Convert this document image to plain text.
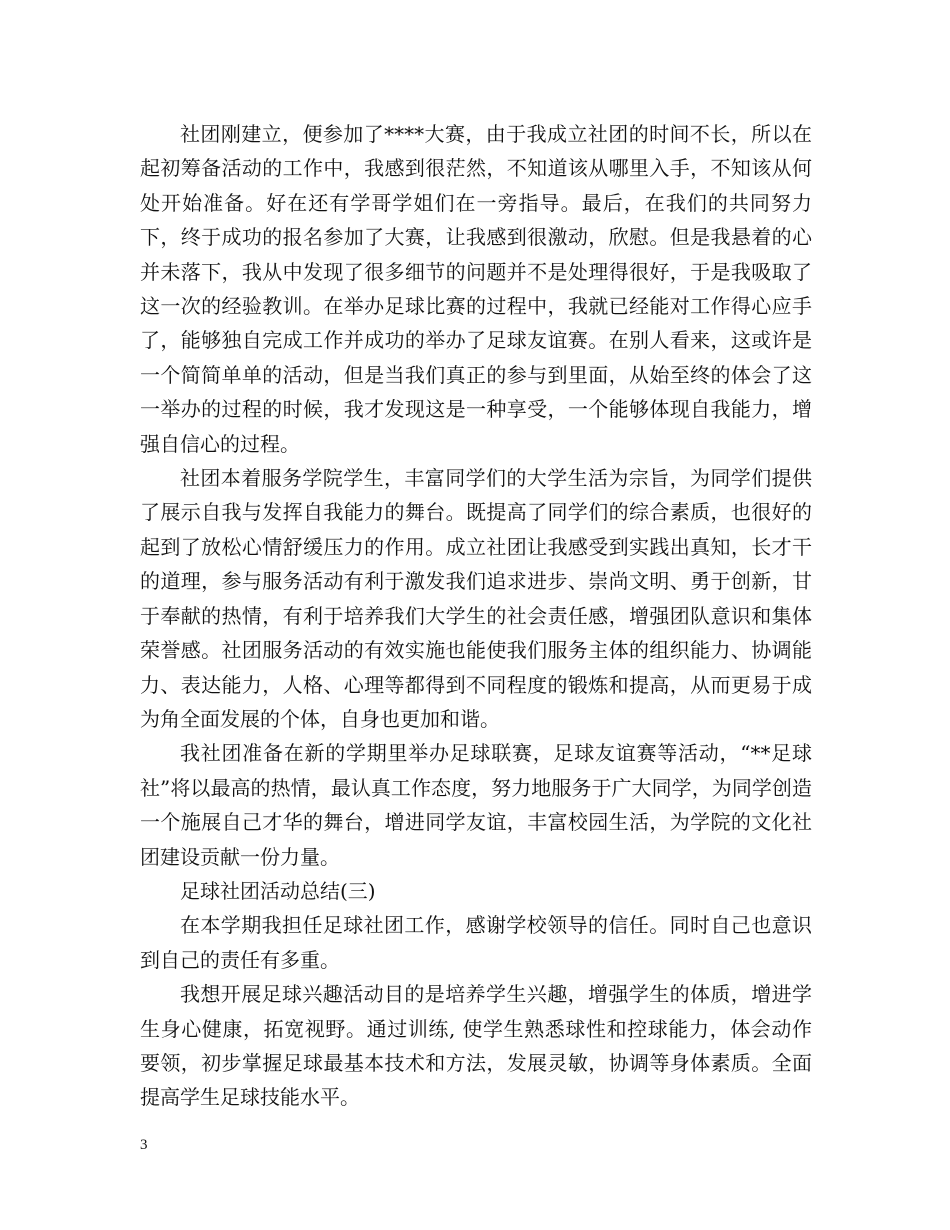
社团刚建立，便参加了****大赛，由于我成立社团的时间不长，所以在起初筹备活动的工作中，我感到很茫然，不知道该从哪里入手，不知该从何处开始准备。好在还有学哥学姐们在一旁指导。最后，在我们的共同努力下，终于成功的报名参加了大赛，让我感到很激动，欣慰。但是我悬着的心并未落下，我从中发现了很多细节的问题并不是处理得很好，于是我吸取了这一次的经验教训。在举办足球比赛的过程中，我就已经能对工作得心应手了，能够独自完成工作并成功的举办了足球友谊赛。在别人看来，这或许是一个简简单单的活动，但是当我们真正的参与到里面，从始至终的体会了这一举办的过程的时候，我才发现这是一种享受，一个能够体现自我能力，增强自信心的过程。

社团本着服务学院学生，丰富同学们的大学生活为宗旨，为同学们提供了展示自我与发挥自我能力的舞台。既提高了同学们的综合素质，也很好的起到了放松心情舒缓压力的作用。成立社团让我感受到实践出真知，长才干的道理，参与服务活动有利于激发我们追求进步、崇尚文明、勇于创新，甘于奉献的热情，有利于培养我们大学生的社会责任感，增强团队意识和集体荣誉感。社团服务活动的有效实施也能使我们服务主体的组织能力、协调能力、表达能力，人格、心理等都得到不同程度的锻炼和提高，从而更易于成为角全面发展的个体，自身也更加和谐。

我社团准备在新的学期里举办足球联赛，足球友谊赛等活动，“**足球社”将以最高的热情，最认真工作态度，努力地服务于广大同学，为同学创造一个施展自己才华的舞台，增进同学友谊，丰富校园生活，为学院的文化社团建设贡献一份力量。

足球社团活动总结(三)

在本学期我担任足球社团工作，感谢学校领导的信任。同时自己也意识到自己的责任有多重。

我想开展足球兴趣活动目的是培养学生兴趣，增强学生的体质，增进学生身心健康，拓宽视野。通过训练, 使学生熟悉球性和控球能力，体会动作要领，初步掌握足球最基本技术和方法，发展灵敏，协调等身体素质。全面提高学生足球技能水平。

3
